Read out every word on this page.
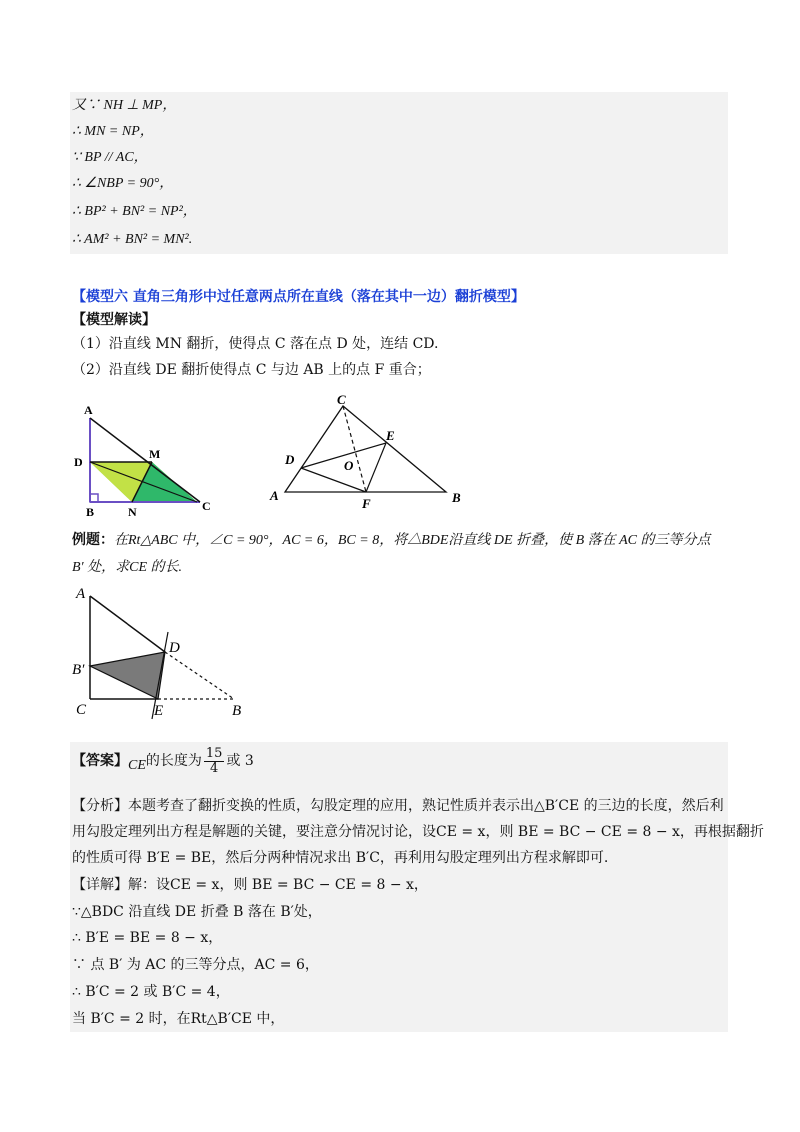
又∵ NH ⊥ MP，
∴ MN = NP，
∵ BP // AC，
∴ ∠NBP = 90°，
∴ BP² + BN² = NP²，
∴ AM² + BN² = MN².
【模型六 直角三角形中过任意两点所在直线（落在其中一边）翻折模型】
【模型解读】
（1）沿直线 MN 翻折，使得点 C 落在点 D 处，连结 CD.
（2）沿直线 DE 翻折使得点 C 与边 AB 上的点 F 重合；
A
D
B
M
N	C
C
E
D	O
A
F	B
例题：在Rt△ABC 中，∠C = 90°，AC = 6，BC = 8，将△BDE沿直线 DE 折叠，使 B 落在 AC 的三等分点
B′ 处，求CE 的长.
A
D
B′
C	E	B
【答案】CE的长度为 $\frac{15}{4}$ 或 3
【分析】本题考查了翻折变换的性质，勾股定理的应用，熟记性质并表示出△B′CE 的三边的长度，然后利
用勾股定理列出方程是解题的关键，要注意分情况讨论，设CE = x，则 BE = BC − CE = 8 − x，再根据翻折
的性质可得 B′E = BE，然后分两种情况求出 B′C，再利用勾股定理列出方程求解即可.
【详解】解：设CE = x，则 BE = BC − CE = 8 − x，
∵△BDC 沿直线 DE 折叠 B 落在 B′处，
∴ B′E = BE = 8 − x，
∵ 点 B′ 为 AC 的三等分点，AC = 6，
∴ B′C = 2 或 B′C = 4，
当 B′C = 2 时，在Rt△B′CE 中，
